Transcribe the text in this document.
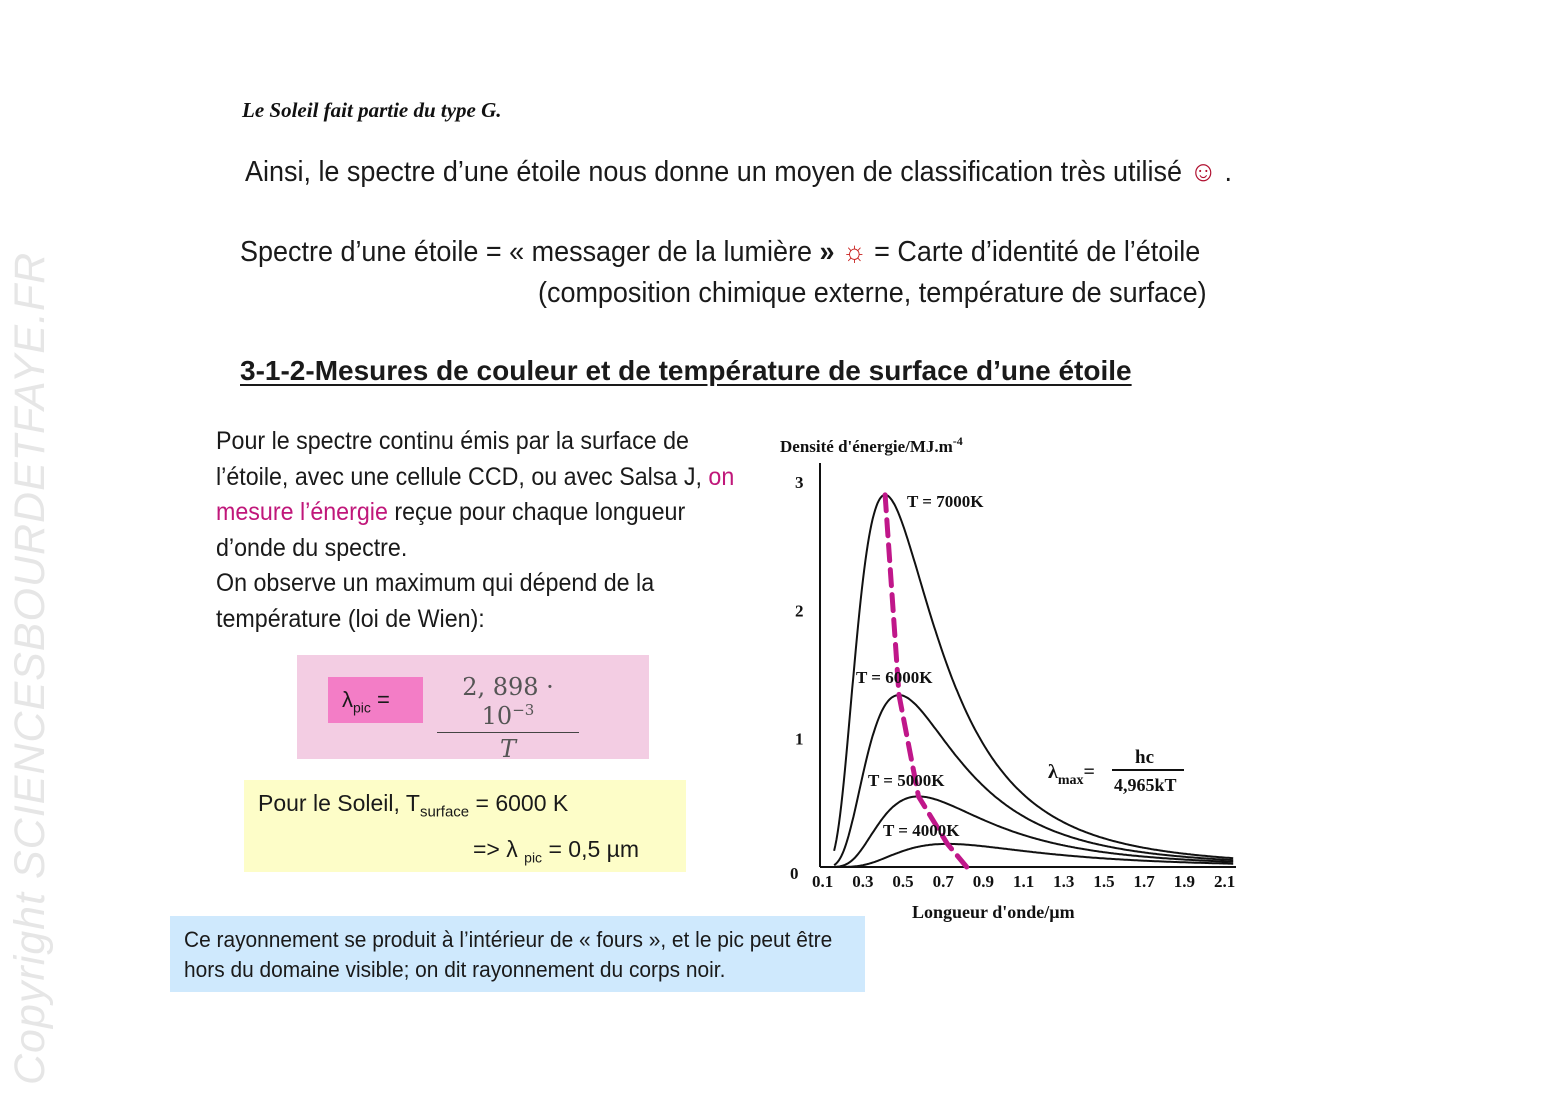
Copyright SCIENCESBOURDETFAYE.FR
Le Soleil fait partie du type G.
Ainsi, le spectre d’une étoile nous donne un moyen de classification très utilisé ☺ .
Spectre d’une étoile = « messager de la lumière » ☼ = Carte d’identité de l’étoile
(composition chimique externe, température de surface)
3-1-2-Mesures de couleur et de température de surface d’une étoile

Pour le spectre continu émis par la surface de l’étoile, avec une cellule CCD, ou avec Salsa J, on mesure l’énergie reçue pour chaque longueur d’onde du spectre.

On observe un maximum qui dépend de la température (loi de Wien):

$\lambda_{pic}$ =	$\frac{2, 898 \cdot 10^{-3}}{T}$
Pour le Soleil, $T_{surface} = 6000$ K
=> λ $_{pic}$ = 0,5 µm
Ce rayonnement se produit à l’intérieur de « fours », et le pic peut être hors du domaine visible; on dit rayonnement du corps noir.
Densité $d'énergie/MJ.m^{-4}$
Longueur d'onde/µm
0.1 0.3 0.5 0.7 0.9 1.1 1.3 1.5 1.7 1.9 2.1
0
1
2
3
T = 7000K
T = 6000K
T = 5000K
T = 4000K
$\lambda_{max}=$
hc
4,965kT
